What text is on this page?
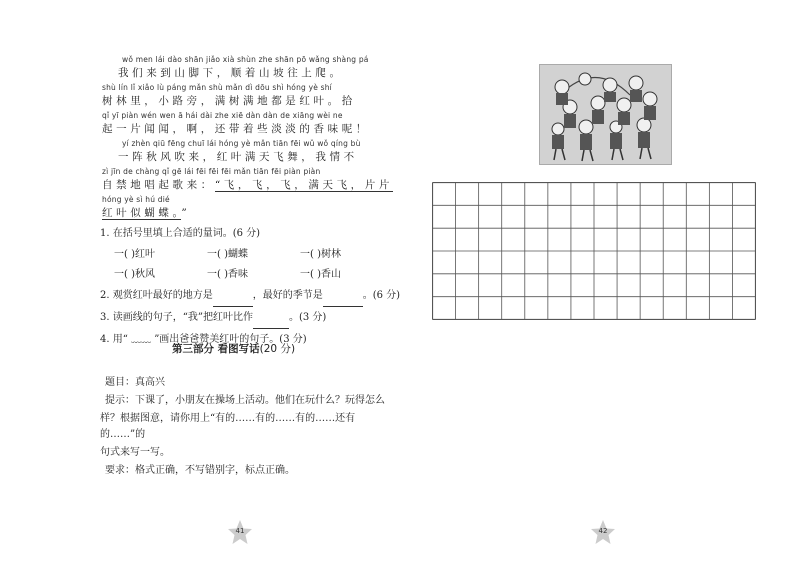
wǒ men lái dào shān jiǎo xià shùn zhe shān pō wǎng shàng pá
我们来到山脚下，顺着山坡往上爬。
shù lín lǐ xiǎo lù páng mǎn shù mǎn dì dōu shì hóng yè shí
树林里，小路旁，满树满地都是红叶。拾
qǐ yī piàn wén wen ā hái dài zhe xiē dàn dàn de xiāng wèi ne
起一片闻闻，啊，还带着些淡淡的香味呢！
yí zhèn qiū fēng chuī lái hóng yè mǎn tiān fēi wǔ wǒ qíng bù
一阵秋风吹来，红叶满天飞舞，我情不
zì jīn de chàng qǐ gē lái fēi fēi fēi mǎn tiān fēi piàn piàn
自禁地唱起歌来：“飞，飞，飞，满天飞，片片
hóng yè sì hú dié
红叶似蝴蝶。”
1. 在括号里填上合适的量词。(6 分)
一( )红叶	一( )蝴蝶	一( )树林
一( )秋风	一( )香味	一( )香山
2. 观赏红叶最好的地方是	，最好的季节是	。(6 分)
3. 读画线的句子，“我”把红叶比作	。(3 分)
4. 用“ ﹏﹏ ”画出爸爸赞美红叶的句子。(3 分)
第三部分 看图写话(20 分)

题目：真高兴

提示：下课了，小朋友在操场上活动。他们在玩什么？玩得怎么

样？根据图意，请你用上“有的……有的……有的……还有的……”的

句式来写一写。

要求：格式正确，不写错别字，标点正确。

41	42
